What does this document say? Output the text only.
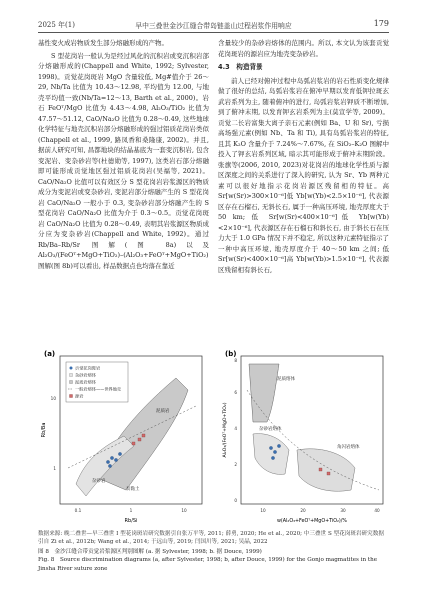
2025 年(1)	早中三叠世金沙江缝合带岛链盖山过程岩浆作用响应	179

基性变火成岩物质发生部分熔融形成的产物。

S 型花岗岩一般认为是经过风化的沉积岩或变沉积岩部分熔融形成的(Chappell and White, 1992; Sylvester, 1998)。贡觉花岗斑岩 MgO 含量较低, Mg#值介于 26～29, Nb/Ta 比值为 10.43～12.98, 平均值为 12.00, 与地壳平均值一致(Nb/Ta=12～13, Barth et al., 2000)。岩石 FeOᵀ/MgO 比值为 4.43～4.98, Al₂O₃/TiO₂ 比值为 47.57～51.12, CaO/Na₂O 比值为 0.28～0.49, 这些地球化学特征与地壳沉积岩部分熔融形成的强过铝质花岗岩类似(Chappell et al., 1999, 路凤香和桑隆康, 2002)。并且, 据前人研究可知, 昌都地块的结晶基底为一套变沉积岩, 包含变泥岩、变杂砂岩等(杜德勋等, 1997), 这类岩石部分熔融即可能形成贡觉地区强过铝质花岗岩(吴福等, 2021)。CaO/Na₂O 比值可以有效区分 S 型花岗岩岩浆源区的物质成分为变泥岩或变杂砂岩, 变泥岩部分熔融产生的 S 型花岗岩 CaO/Na₂O 一般小于 0.3, 变杂砂岩部分熔融产生的 S 型花岗岩 CaO/Na₂O 比值为介于 0.3～0.5。贡觉花岗斑岩 CaO/Na₂O 比值为 0.28～0.49, 表明其岩浆源区物质成分应为变杂砂岩(Chappell and White, 1992)。通过 Rb/Ba–Rb/Sr 图解(图 8a)以及 Al₂O₃/(FeOᵀ+MgO+TiO₂)–(Al₂O₃+FeOᵀ+MgO+TiO₂) 图解(图 8b)可以看出, 样品数据点也均落在靠近

含量较少的杂砂岩熔体的范围内。所以, 本文认为该套贡觉花岗斑岩的源岩应为地壳变杂砂岩。

4.3　构造背景

前人已经对俯冲过程中岛弧岩浆岩的岩石性质变化规律做了很好的总结, 岛弧岩浆岩在俯冲早期以发育低钾拉斑玄武岩系列为主, 随着俯冲的进行, 岛弧岩浆岩钾质不断增加, 到了俯冲末期, 以发育钾玄岩系列为主(莫宣学等, 2009)。贡觉二长岩富集大离子亲石元素(例如 Ba、U 和 Sr), 亏损高场强元素(例如 Nb、Ta 和 Ti), 具有岛弧岩浆岩的特征, 且其 K₂O 含量介于 7.24%～7.67%, 在 SiO₂–K₂O 图解中投入了钾玄岩系列区域, 暗示其可能形成于俯冲末期阶段。张旗等(2006, 2010, 2023)对花岗岩的地球化学性质与源区深度之间的关系进行了深入的研究, 认为 Sr、Yb 两种元素可以很好地指示花岗岩源区残留相的特征。高 Sr[w(Sr)>300×10⁻⁶]低 Yb[w(Yb)<2.5×10⁻⁶], 代表源区存在石榴石, 无斜长石, 属于一种高压环境, 地壳厚度大于 50 km; 低 Sr[w(Sr)<400×10⁻⁶]低 Yb[w(Yb)<2×10⁻⁶], 代表源区存在石榴石和斜长石, 由于斜长石在压力大于 1.0 GPa 情况下并不稳定, 所以这种元素特征指示了一种中高压环境, 地壳厚度介于 40～50 km 之间; 低 Sr[w(Sr)<400×10⁻⁶]高 Yb[w(Yb)>1.5×10⁻⁶], 代表源区残留相有斜长石,

贡觉花岗斑岩
杂砂岩熔体
泥质岩熔体
一般岩熔体——世界地壳
源岩
泥质岩
杂砂岩
贫黏土
(a)
Rb/Si
Rb/Ba
0.1	1	10
1
10
泥质熔体
杂砂岩熔体
角闪岩熔体
(b)
w(Al₂O₃+FeOᵀ+MgO+TiO₂)/%
Al₂O₃/(FeOᵀ+MgO+TiO₂)
10	20	30	40
0
2
4
6
8

数据来源: 晚二叠世—早三叠世 I 型花岗斑岩研究数据引自张万平等, 2011; 薛勇, 2020; He et al., 2020; 中三叠世 S 型花岗斑岩研究数据引自 Zi et al., 2012b; Wang et al., 2014; 于远山等, 2019; 闫国川等, 2021; 吴晶, 2022

图 8　金沙江缝合带贡觉岩浆源区判别图解 (a. 据 Sylvester, 1998; b. 据 Douce, 1999)

Fig. 8　Source discrimination diagrams (a, after Sylvester, 1998; b, after Douce, 1999) for the Gonjo magmatites in the Jinsha River suture zone
